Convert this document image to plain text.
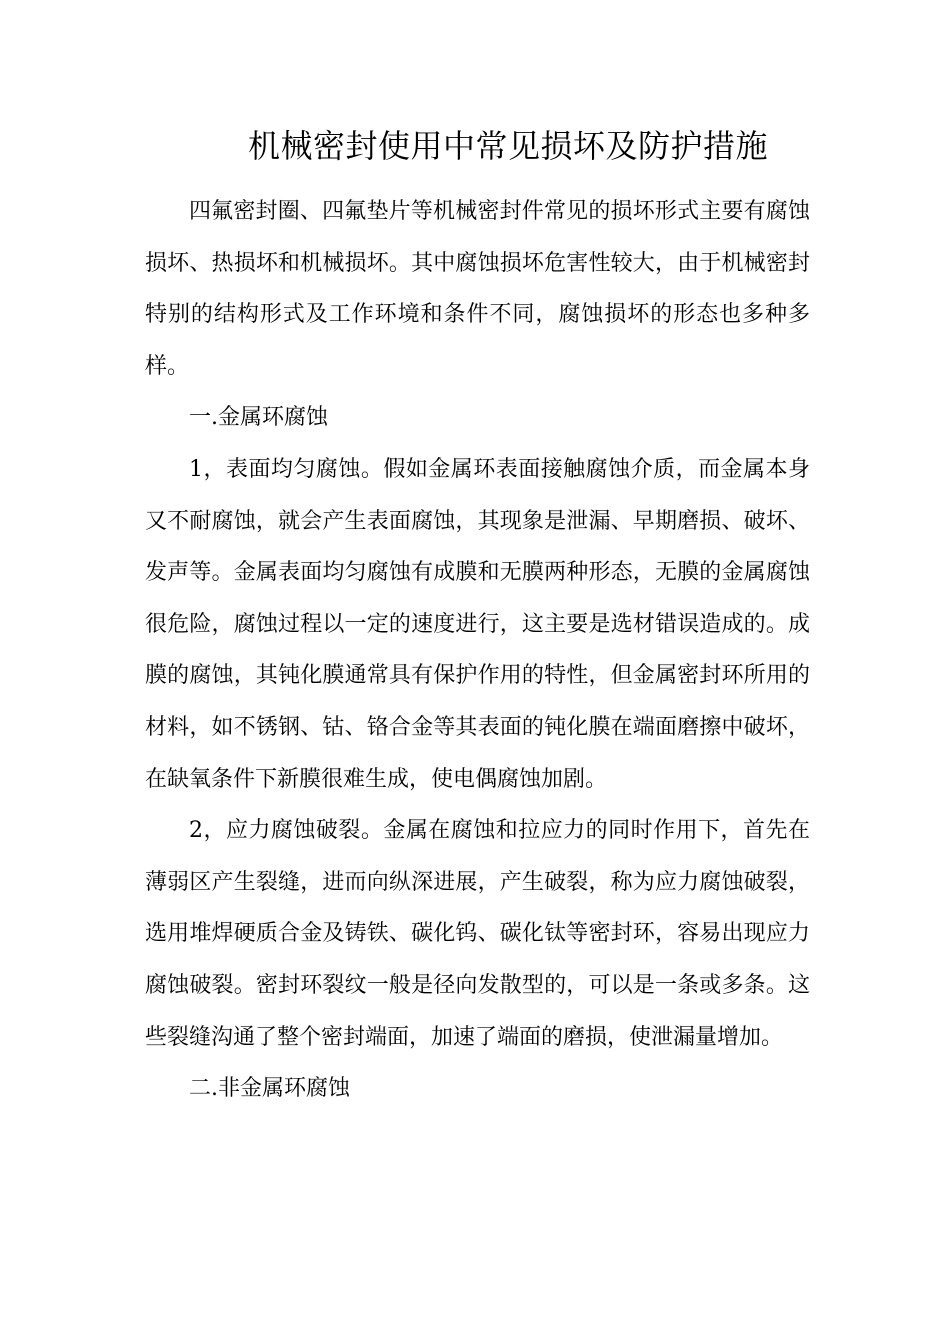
机械密封使用中常见损坏及防护措施

四氟密封圈、四氟垫片等机械密封件常见的损坏形式主要有腐蚀损坏、热损坏和机械损坏。其中腐蚀损坏危害性较大，由于机械密封特别的结构形式及工作环境和条件不同，腐蚀损坏的形态也多种多样。

一.金属环腐蚀

1，表面均匀腐蚀。假如金属环表面接触腐蚀介质，而金属本身又不耐腐蚀，就会产生表面腐蚀，其现象是泄漏、早期磨损、破坏、发声等。金属表面均匀腐蚀有成膜和无膜两种形态，无膜的金属腐蚀很危险，腐蚀过程以一定的速度进行，这主要是选材错误造成的。成膜的腐蚀，其钝化膜通常具有保护作用的特性，但金属密封环所用的材料，如不锈钢、钴、铬合金等其表面的钝化膜在端面磨擦中破坏，在缺氧条件下新膜很难生成，使电偶腐蚀加剧。

2，应力腐蚀破裂。金属在腐蚀和拉应力的同时作用下，首先在薄弱区产生裂缝，进而向纵深进展，产生破裂，称为应力腐蚀破裂，选用堆焊硬质合金及铸铁、碳化钨、碳化钛等密封环，容易出现应力腐蚀破裂。密封环裂纹一般是径向发散型的，可以是一条或多条。这些裂缝沟通了整个密封端面，加速了端面的磨损，使泄漏量增加。

二.非金属环腐蚀
